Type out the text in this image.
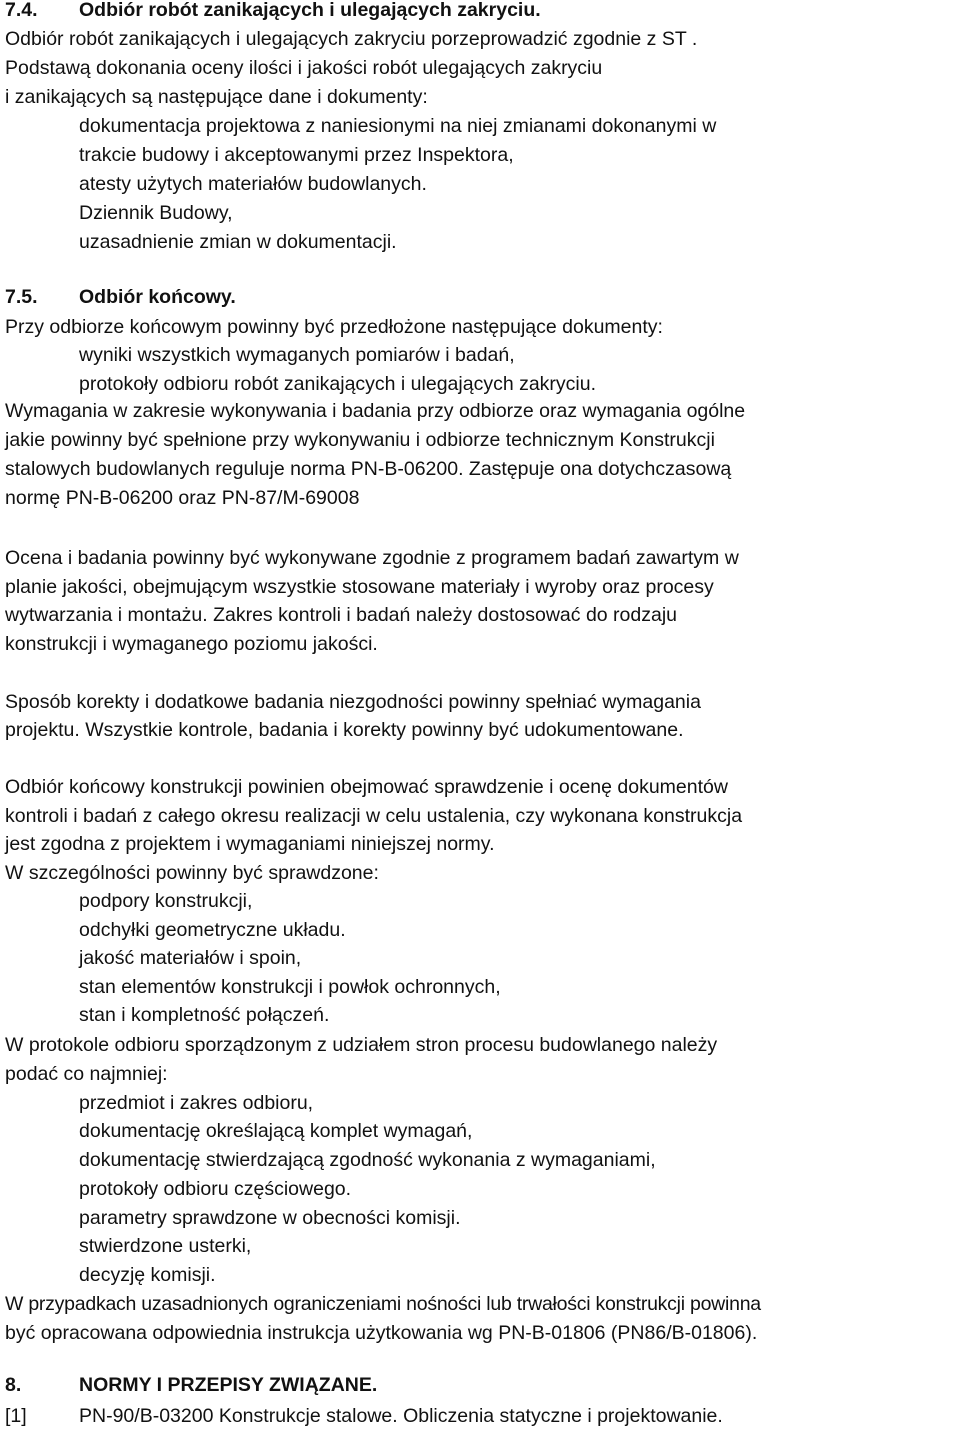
7.4. Odbiór robót zanikających i ulegających zakryciu.
Odbiór robót zanikających i ulegających zakryciu porzeprowadzić zgodnie z ST .
Podstawą dokonania oceny ilości i jakości robót ulegających zakryciu
i zanikających są następujące dane i dokumenty:
dokumentacja projektowa z naniesionymi na niej zmianami dokonanymi w
trakcie budowy i akceptowanymi przez Inspektora,
atesty użytych materiałów budowlanych.
Dziennik Budowy,
uzasadnienie zmian w dokumentacji.
7.5. Odbiór końcowy.
Przy odbiorze końcowym powinny być przedłożone następujące dokumenty:
wyniki wszystkich wymaganych pomiarów i badań,
protokoły odbioru robót zanikających i ulegających zakryciu.
Wymagania w zakresie wykonywania i badania przy odbiorze oraz wymagania ogólne
jakie powinny być spełnione przy wykonywaniu i odbiorze technicznym Konstrukcji
stalowych budowlanych reguluje norma PN-B-06200. Zastępuje ona dotychczasową
normę PN-B-06200 oraz PN-87/M-69008
Ocena i badania powinny być wykonywane zgodnie z programem badań zawartym w
planie jakości, obejmującym wszystkie stosowane materiały i wyroby oraz procesy
wytwarzania i montażu. Zakres kontroli i badań należy dostosować do rodzaju
konstrukcji i wymaganego poziomu jakości.
Sposób korekty i dodatkowe badania niezgodności powinny spełniać wymagania
projektu. Wszystkie kontrole, badania i korekty powinny być udokumentowane.
Odbiór końcowy konstrukcji powinien obejmować sprawdzenie i ocenę dokumentów
kontroli i badań z całego okresu realizacji w celu ustalenia, czy wykonana konstrukcja
jest zgodna z projektem i wymaganiami niniejszej normy.
W szczególności powinny być sprawdzone:
podpory konstrukcji,
odchyłki geometryczne układu.
jakość materiałów i spoin,
stan elementów konstrukcji i powłok ochronnych,
stan i kompletność połączeń.
W protokole odbioru sporządzonym z udziałem stron procesu budowlanego należy
podać co najmniej:
przedmiot i zakres odbioru,
dokumentację określającą komplet wymagań,
dokumentację stwierdzającą zgodność wykonania z wymaganiami,
protokoły odbioru częściowego.
parametry sprawdzone w obecności komisji.
stwierdzone usterki,
decyzję komisji.
W przypadkach uzasadnionych ograniczeniami nośności lub trwałości konstrukcji powinna
być opracowana odpowiednia instrukcja użytkowania wg PN-B-01806 (PN86/B-01806).
8.	NORMY I PRZEPISY ZWIĄZANE.
[1]	PN-90/B-03200 Konstrukcje stalowe. Obliczenia statyczne i projektowanie.
